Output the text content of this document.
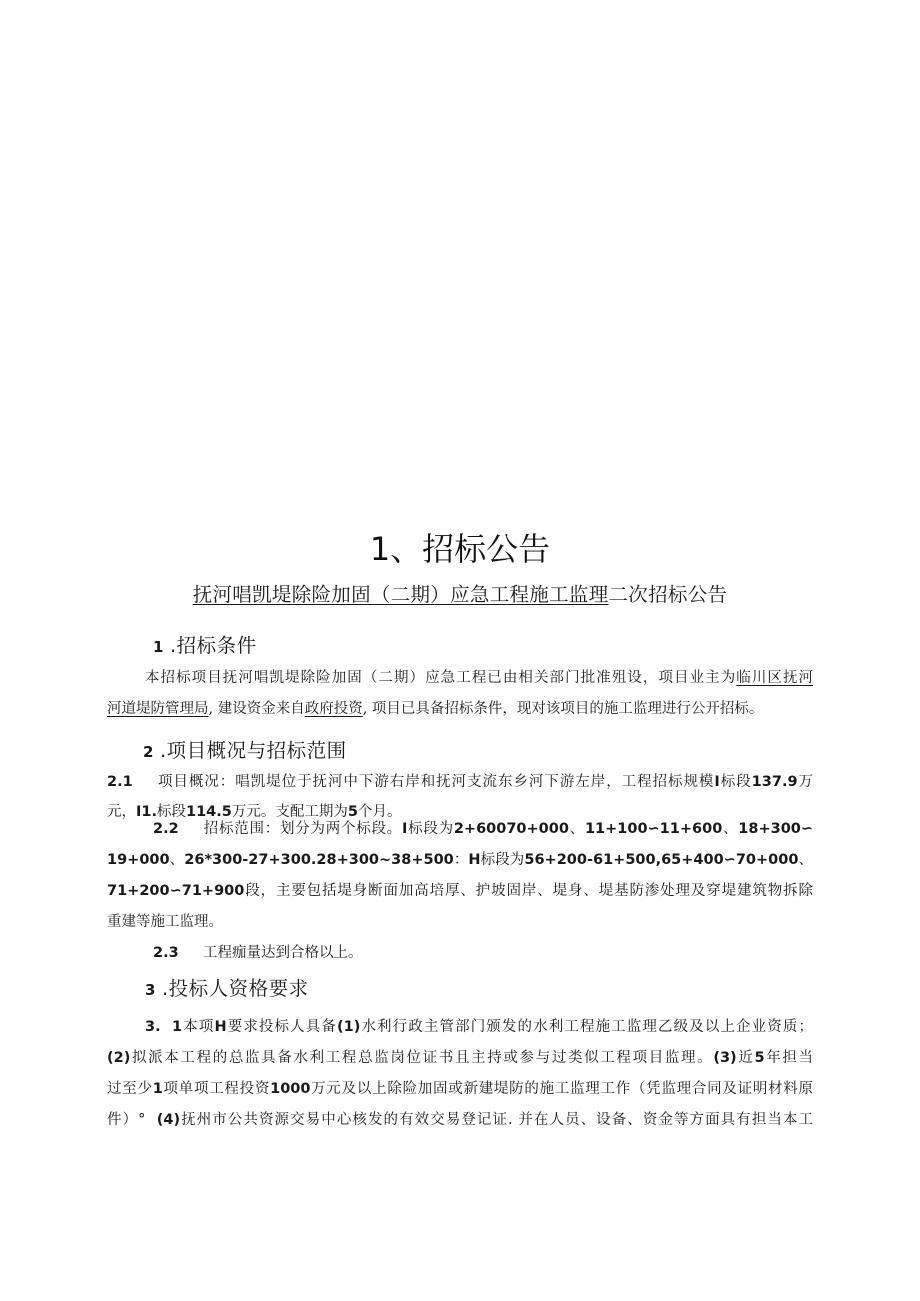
1、招标公告
抚河唱凯堤除险加固（二期）应急工程施工监理二次招标公告
1 .招标条件
本招标项目抚河唱凯堤除险加固（二期）应急工程已由相关部门批准殂设，项目业主为临川区抚河
河道堤防管理局, 建设资金来自政府投资, 项目已具备招标条件，现对该项目的施工监理进行公开招标。
2 .项目概况与招标范围
2.1 项目概况：唱凯堤位于抚河中下游右岸和抚河支流东乡河下游左岸，工程招标规模I标段137.9万
元，I1.标段114.5万元。支配工期为5个月。
2.2 招标范围：划分为两个标段。I标段为2+60070+000、11+100∽11+600、18+300∽
19+000、26*300-27+300.28+300~38+500：H标段为56+200-61+500,65+400∽70+000、
71+200∽71+900段，主要包括堤身断面加高培厚、护坡固岸、堤身、堤基防渗处理及穿堤建筑物拆除
重建等施工监理。
2.3 工程痂量达到合格以上。
3 .投标人资格要求
3. 1本项H要求投标人具备(1)水利行政主管部门颁发的水利工程施工监理乙级及以上企业资质；
(2)拟派本工程的总监具备水利工程总监岗位证书且主持或参与过类似工程项目监理。(3)近5年担当
过至少1项单项工程投资1000万元及以上除险加固或新建堤防的施工监理工作（凭监理合同及证明材料原
件）° (4)抚州市公共资源交易中心核发的有效交易登记证. 并在人员、设备、资金等方面具有担当本工
